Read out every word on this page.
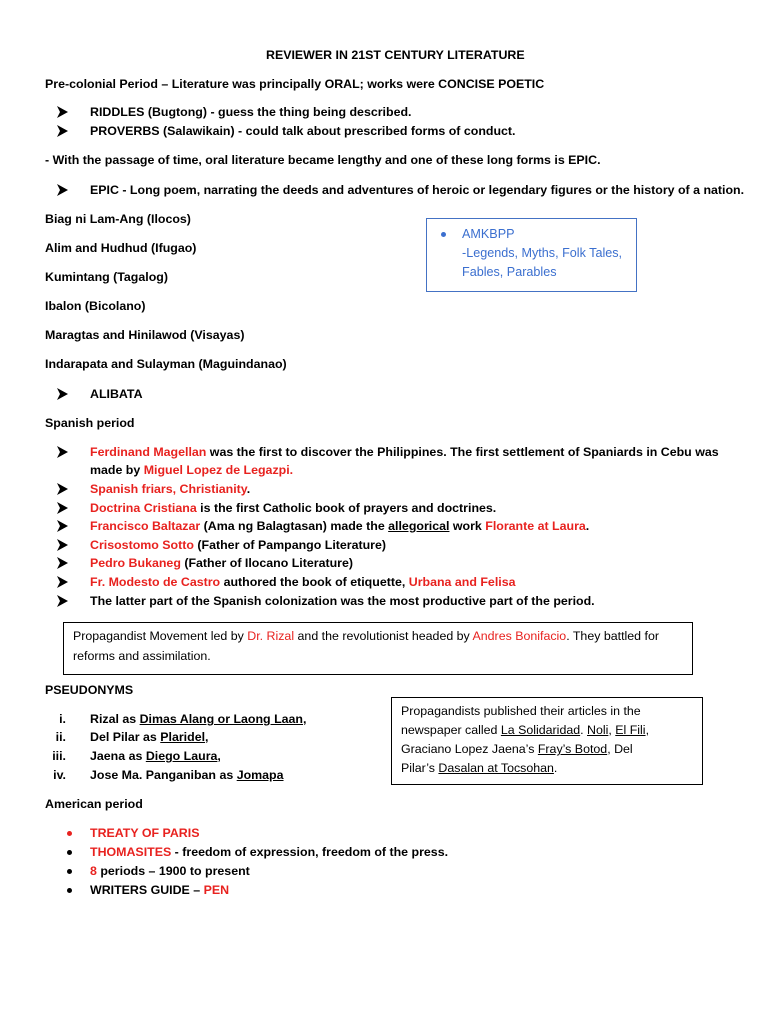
REVIEWER IN 21ST CENTURY LITERATURE
Pre-colonial Period – Literature was principally ORAL; works were CONCISE POETIC
RIDDLES (Bugtong) - guess the thing being described.
PROVERBS (Salawikain) - could talk about prescribed forms of conduct.
- With the passage of time, oral literature became lengthy and one of these long forms is EPIC.
EPIC - Long poem, narrating the deeds and adventures of heroic or legendary figures or the history of a nation.
Biag ni Lam-Ang (Ilocos)
Alim and Hudhud (Ifugao)
Kumintang (Tagalog)
Ibalon (Bicolano)
Maragtas and Hinilawod (Visayas)
Indarapata and Sulayman (Maguindanao)
AMKBPP
-Legends, Myths, Folk Tales,
Fables, Parables
ALIBATA
Spanish period
Ferdinand Magellan was the first to discover the Philippines. The first settlement of Spaniards in Cebu was
made by Miguel Lopez de Legazpi.
Spanish friars, Christianity.
Doctrina Cristiana is the first Catholic book of prayers and doctrines.
Francisco Baltazar (Ama ng Balagtasan) made the allegorical work Florante at Laura.
Crisostomo Sotto (Father of Pampango Literature)
Pedro Bukaneg (Father of Ilocano Literature)
Fr. Modesto de Castro authored the book of etiquette, Urbana and Felisa
The latter part of the Spanish colonization was the most productive part of the period.
Propagandist Movement led by Dr. Rizal and the revolutionist headed by Andres Bonifacio. They battled for
reforms and assimilation.
PSEUDONYMS
i. Rizal as Dimas Alang or Laong Laan,
ii. Del Pilar as Plaridel,
iii. Jaena as Diego Laura,
iv. Jose Ma. Panganiban as Jomapa
Propagandists published their articles in the
newspaper called La Solidaridad. Noli, El Fili,
Graciano Lopez Jaena’s Fray’s Botod, Del
Pilar’s Dasalan at Tocsohan.
American period
TREATY OF PARIS
THOMASITES - freedom of expression, freedom of the press.
8 periods – 1900 to present
WRITERS GUIDE – PEN
